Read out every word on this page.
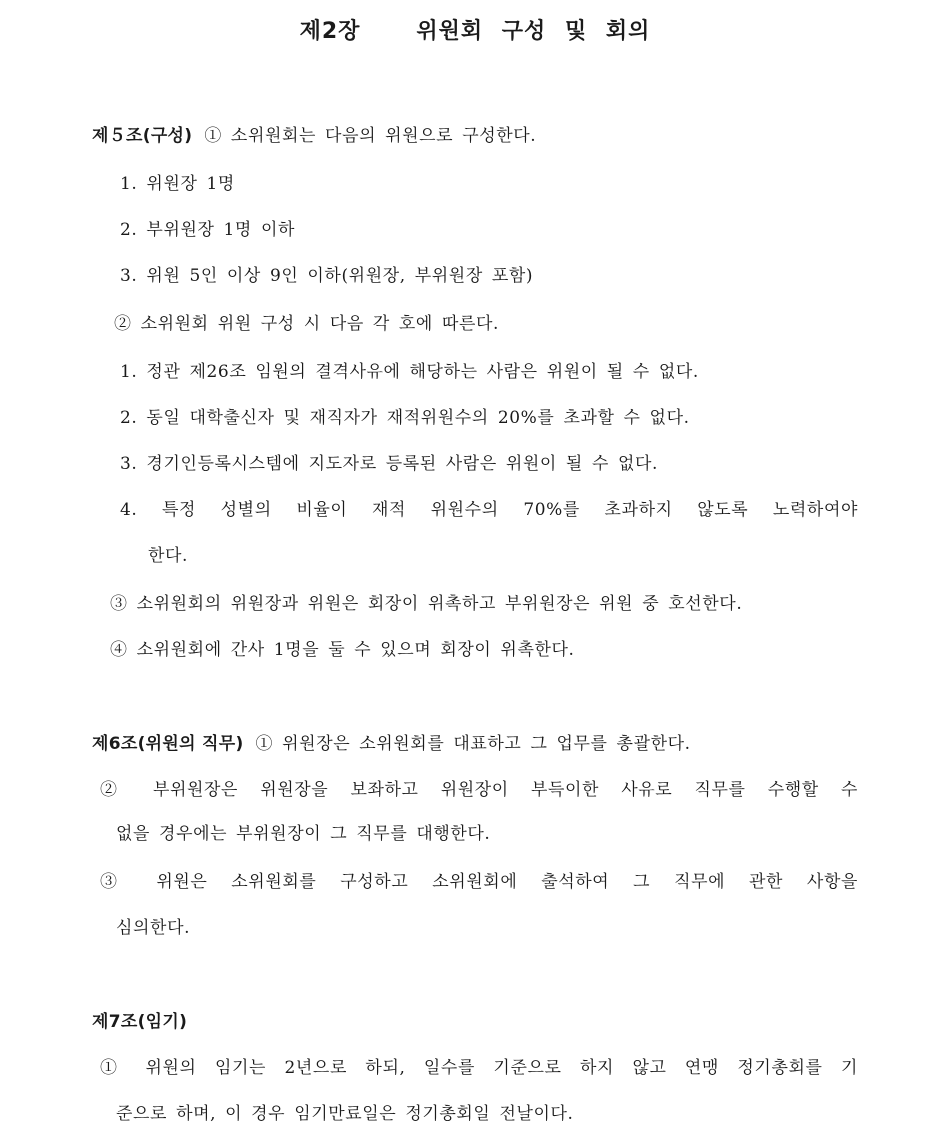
제2장   위원회 구성 및 회의
제５조(구성) ① 소위원회는 다음의 위원으로 구성한다.
1. 위원장 1명
2. 부위원장 1명 이하
3. 위원 5인 이상 9인 이하(위원장, 부위원장 포함)
② 소위원회 위원 구성 시 다음 각 호에 따른다.
1. 정관 제26조 임원의 결격사유에 해당하는 사람은 위원이 될 수 없다.
2. 동일 대학출신자 및 재직자가 재적위원수의 20%를 초과할 수 없다.
3. 경기인등록시스템에 지도자로 등록된 사람은 위원이 될 수 없다.
4. 특정 성별의 비율이 재적 위원수의 70%를 초과하지 않도록 노력하여야
한다.
③ 소위원회의 위원장과 위원은 회장이 위촉하고 부위원장은 위원 중 호선한다.
④ 소위원회에 간사 1명을 둘 수 있으며 회장이 위촉한다.
제6조(위원의 직무) ① 위원장은 소위원회를 대표하고 그 업무를 총괄한다.
② 부위원장은 위원장을 보좌하고 위원장이 부득이한 사유로 직무를 수행할 수
없을 경우에는 부위원장이 그 직무를 대행한다.
③ 위원은 소위원회를 구성하고 소위원회에 출석하여 그 직무에 관한 사항을
심의한다.
제7조(임기)
① 위원의 임기는 2년으로 하되, 일수를 기준으로 하지 않고 연맹 정기총회를 기
준으로 하며, 이 경우 임기만료일은 정기총회일 전날이다.
